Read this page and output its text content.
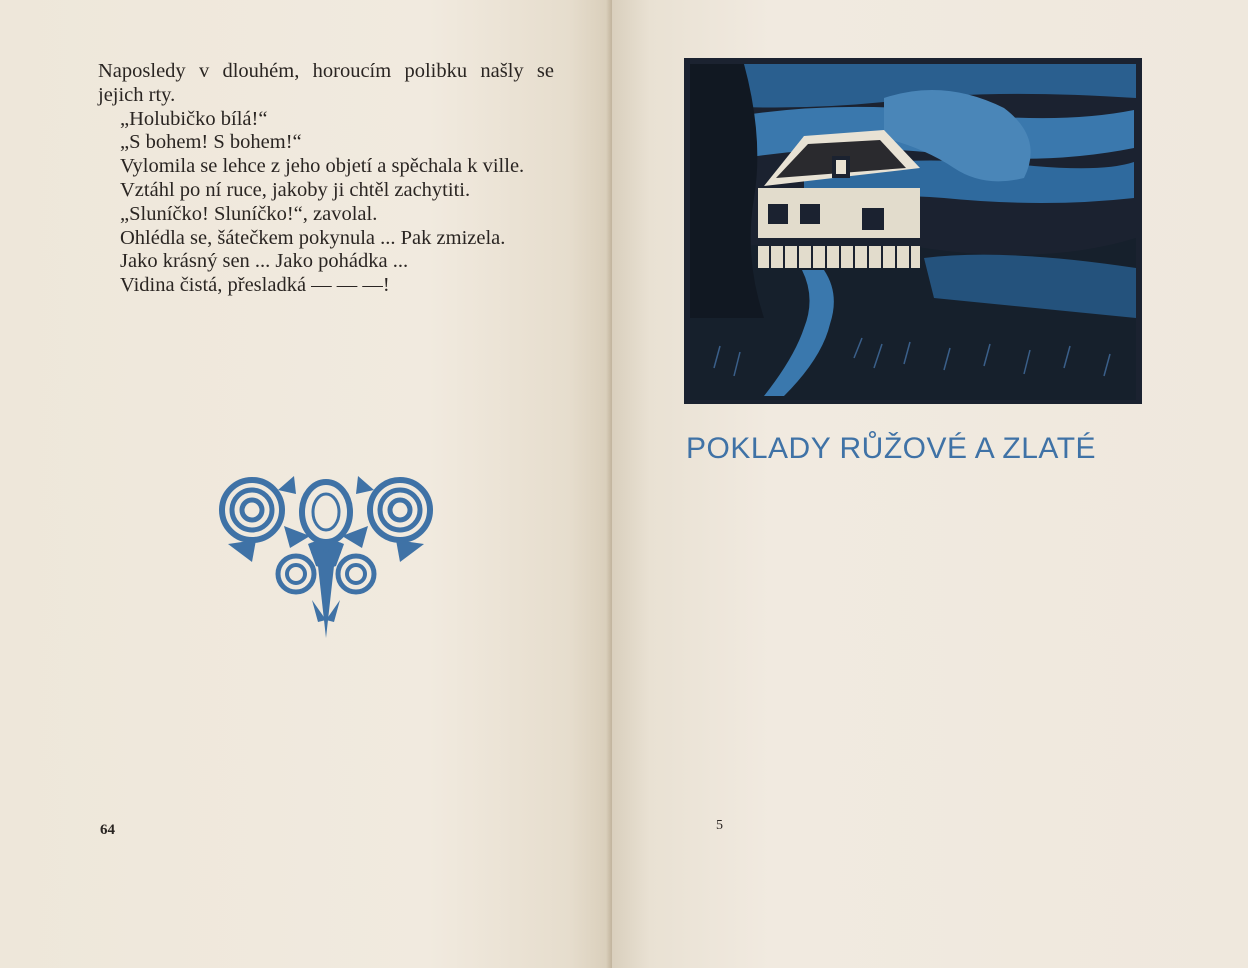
Naposledy v dlouhém, horoucím polibku našly se jejich rty.

„Holubičko bílá!“

„S bohem! S bohem!“

Vylomila se lehce z jeho objetí a spěchala k ville.

Vztáhl po ní ruce, jakoby ji chtěl zachytiti.

„Sluníčko! Sluníčko!“, zavolal.

Ohlédla se, šátečkem pokynula ... Pak zmizela.

Jako krásný sen ... Jako pohádka ...

Vidina čistá, přesladká — — —!

64
POKLADY RŮŽOVÉ A ZLATÉ
5
